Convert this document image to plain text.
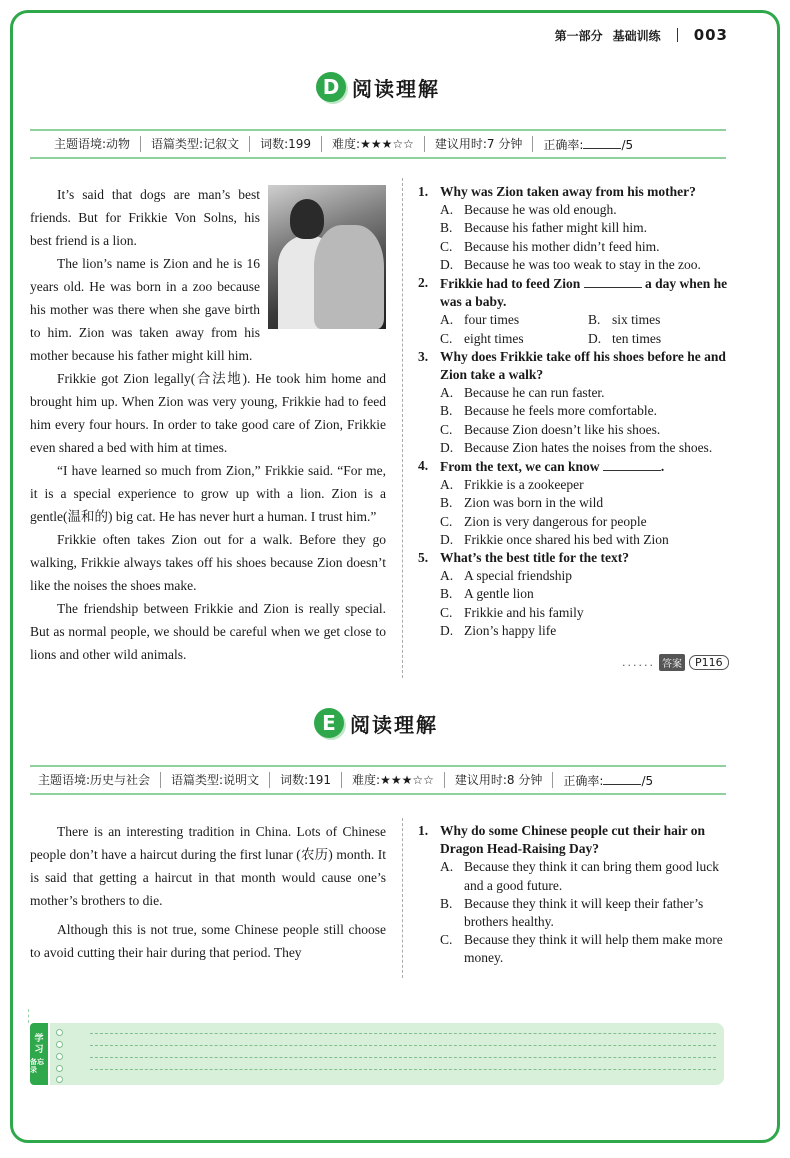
第一部分 基础训练 003
D 阅读理解
主题语境:动物	语篇类型:记叙文	词数:199	难度:★★★☆☆	建议用时:7 分钟	正确率:	/5

It’s said that dogs are man’s best friends. But for Frikkie Von Solns, his best friend is a lion.

The lion’s name is Zion and he is 16 years old. He was born in a zoo because his mother was there when she gave birth to him. Zion was taken away from his mother because his father might kill him.

Frikkie got Zion legally(合法地). He took him home and brought him up. When Zion was very young, Frikkie had to feed him every four hours. In order to take good care of Zion, Frikkie even shared a bed with him at times.

“I have learned so much from Zion,” Frikkie said. “For me, it is a special experience to grow up with a lion. Zion is a gentle(温和的) big cat. He has never hurt a human. I trust him.”

Frikkie often takes Zion out for a walk. Before they go walking, Frikkie always takes off his shoes because Zion doesn’t like the noises the shoes make.

The friendship between Frikkie and Zion is really special. But as normal people, we should be careful when we get close to lions and other wild animals.

1. Why was Zion taken away from his mother?
A. Because he was old enough.
B. Because his father might kill him.
C. Because his mother didn’t feed him.
D. Because he was too weak to stay in the zoo.
2. Frikkie had to feed Zion	a day when he was a baby.
A. four times	B. six times
C. eight times	D. ten times
3. Why does Frikkie take off his shoes before he and Zion take a walk?
A. Because he can run faster.
B. Because he feels more comfortable.
C. Because Zion doesn’t like his shoes.
D. Because Zion hates the noises from the shoes.
4. From the text, we can know	.
A. Frikkie is a zookeeper
B. Zion was born in the wild
C. Zion is very dangerous for people
D. Frikkie once shared his bed with Zion
5. What’s the best title for the text?
A. A special friendship
B. A gentle lion
C. Frikkie and his family
D. Zion’s happy life
...... 答案	P116
E 阅读理解
主题语境:历史与社会	语篇类型:说明文	词数:191	难度:★★★☆☆	建议用时:8 分钟	正确率:	/5

There is an interesting tradition in China. Lots of Chinese people don’t have a haircut during the first lunar (农历) month. It is said that getting a haircut in that month would cause one’s mother’s brothers to die.

Although this is not true, some Chinese people still choose to avoid cutting their hair during that period. They

1. Why do some Chinese people cut their hair on Dragon Head-Raising Day?
A. Because they think it can bring them good luck and a good future.
B. Because they think it will keep their father’s brothers healthy.
C. Because they think it will help them make more money.
学
习
备忘录
